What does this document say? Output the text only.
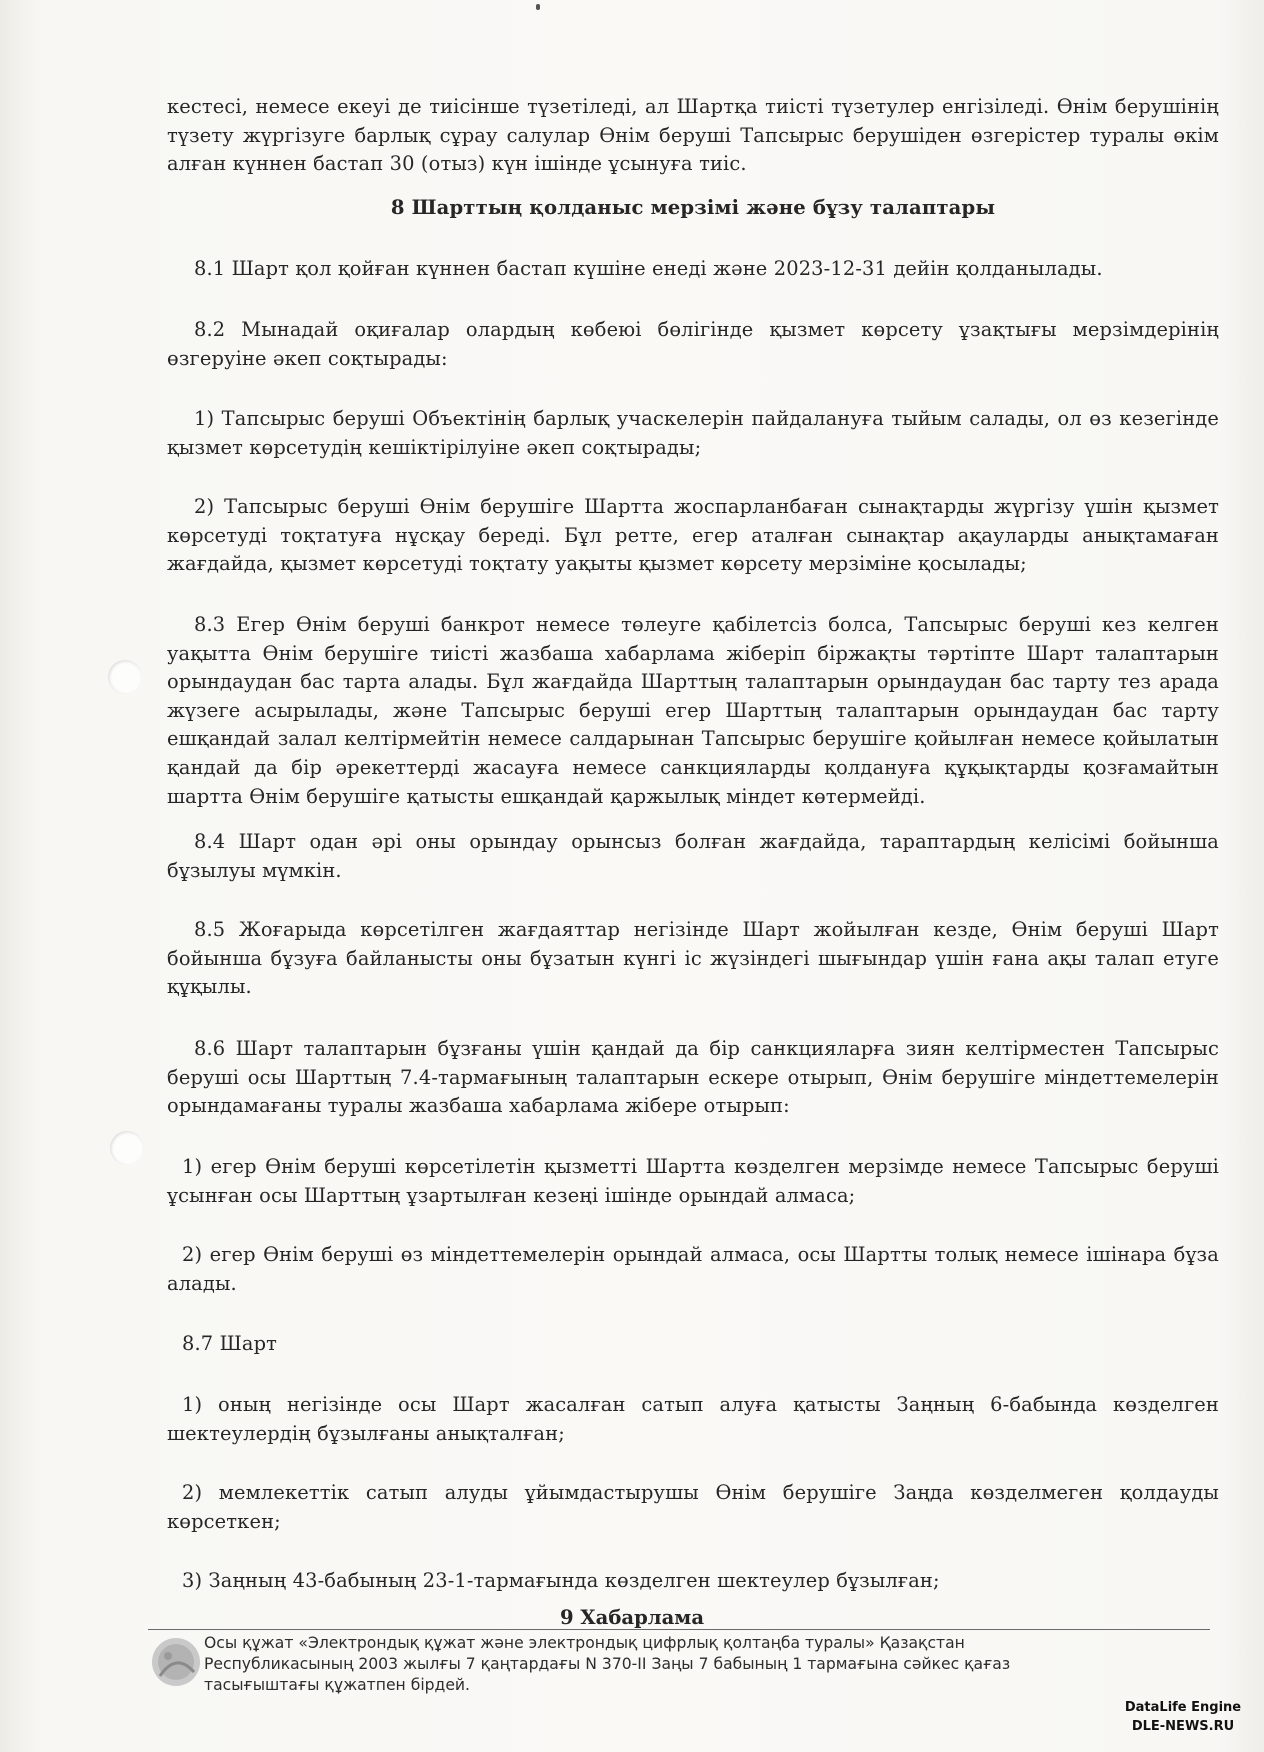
кестесі, немесе екеуі де тиісінше түзетіледі, ал Шартқа тиісті түзетулер енгізіледі. Өнім берушінің түзету жүргізуге барлық сұрау салулар Өнім беруші Тапсырыс берушіден өзгерістер туралы өкім алған күннен бастап 30 (отыз) күн ішінде ұсынуға тиіс.

8 Шарттың қолданыс мерзімі және бұзу талаптары

8.1 Шарт қол қойған күннен бастап күшіне енеді және 2023-12-31 дейін қолданылады.

8.2 Мынадай оқиғалар олардың көбеюі бөлігінде қызмет көрсету ұзақтығы мерзімдерінің өзгеруіне әкеп соқтырады:

1) Тапсырыс беруші Объектінің барлық учаскелерін пайдалануға тыйым салады, ол өз кезегінде қызмет көрсетудің кешіктірілуіне әкеп соқтырады;

2) Тапсырыс беруші Өнім берушіге Шартта жоспарланбаған сынақтарды жүргізу үшін қызмет көрсетуді тоқтатуға нұсқау береді. Бұл ретте, егер аталған сынақтар ақауларды анықтамаған жағдайда, қызмет көрсетуді тоқтату уақыты қызмет көрсету мерзіміне қосылады;

8.3 Егер Өнім беруші банкрот немесе төлеуге қабілетсіз болса, Тапсырыс беруші кез келген уақытта Өнім берушіге тиісті жазбаша хабарлама жіберіп біржақты тәртіпте Шарт талаптарын орындаудан бас тарта алады. Бұл жағдайда Шарттың талаптарын орындаудан бас тарту тез арада жүзеге асырылады, және Тапсырыс беруші егер Шарттың талаптарын орындаудан бас тарту ешқандай залал келтірмейтін немесе салдарынан Тапсырыс берушіге қойылған немесе қойылатын қандай да бір әрекеттерді жасауға немесе санкцияларды қолдануға құқықтарды қозғамайтын шартта Өнім берушіге қатысты ешқандай қаржылық міндет көтермейді.

8.4 Шарт одан әрі оны орындау орынсыз болған жағдайда, тараптардың келісімі бойынша бұзылуы мүмкін.

8.5 Жоғарыда көрсетілген жағдаяттар негізінде Шарт жойылған кезде, Өнім беруші Шарт бойынша бұзуға байланысты оны бұзатын күнгі іс жүзіндегі шығындар үшін ғана ақы талап етуге құқылы.

8.6 Шарт талаптарын бұзғаны үшін қандай да бір санкцияларға зиян келтірместен Тапсырыс беруші осы Шарттың 7.4-тармағының талаптарын ескере отырып, Өнім берушіге міндеттемелерін орындамағаны туралы жазбаша хабарлама жібере отырып:

1) егер Өнім беруші көрсетілетін қызметті Шартта көзделген мерзімде немесе Тапсырыс беруші ұсынған осы Шарттың ұзартылған кезеңі ішінде орындай алмаса;

2) егер Өнім беруші өз міндеттемелерін орындай алмаса, осы Шартты толық немесе ішінара бұза алады.

8.7 Шарт

1) оның негізінде осы Шарт жасалған сатып алуға қатысты Заңның 6-бабында көзделген шектеулердің бұзылғаны анықталған;

2) мемлекеттік сатып алуды ұйымдастырушы Өнім берушіге Заңда көзделмеген қолдауды көрсеткен;

3) Заңның 43-бабының 23-1-тармағында көзделген шектеулер бұзылған;

9 Хабарлама
Осы құжат «Электрондық құжат және электрондық цифрлық қолтаңба туралы» Қазақстан Республикасының 2003 жылғы 7 қаңтардағы N 370-II Заңы 7 бабының 1 тармағына сәйкес қағаз тасығыштағы құжатпен бірдей.
DataLife Engine
DLE-NEWS.RU
